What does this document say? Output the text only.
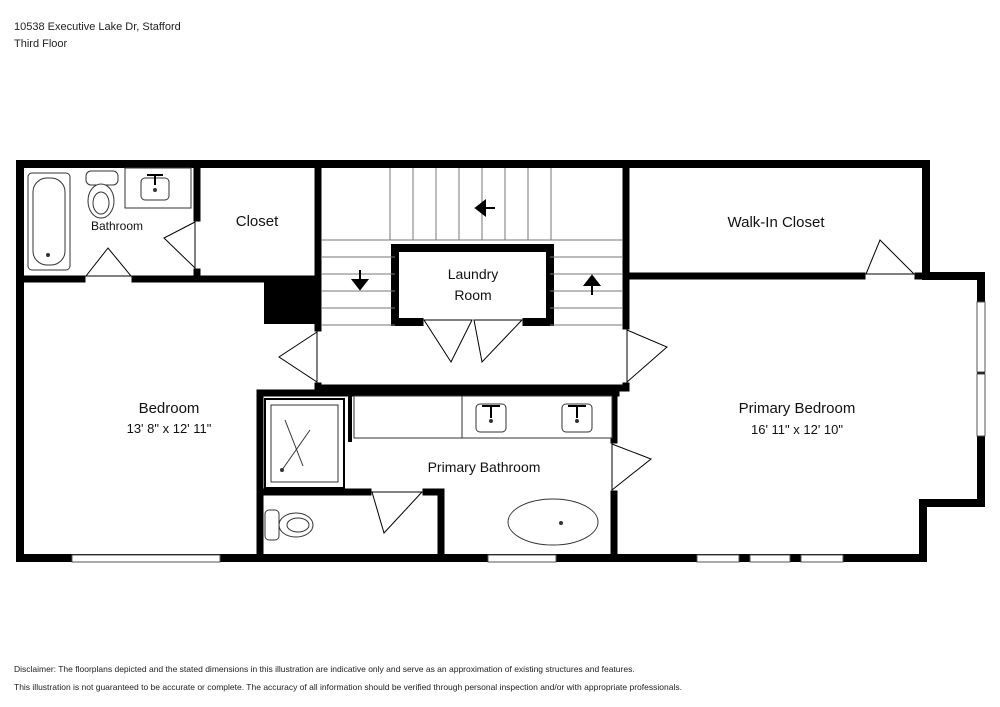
10538 Executive Lake Dr, Stafford
Third Floor
Bathroom	Closet
Laundry
Room
Walk-In Closet
Bedroom
13' 8" x 12' 11"
Primary Bathroom
Primary Bedroom
16' 11" x 12' 10"
Disclaimer: The floorplans depicted and the stated dimensions in this illustration are indicative only and serve as an approximation of existing structures and features.
This illustration is not guaranteed to be accurate or complete. The accuracy of all information should be verified through personal inspection and/or with appropriate professionals.
